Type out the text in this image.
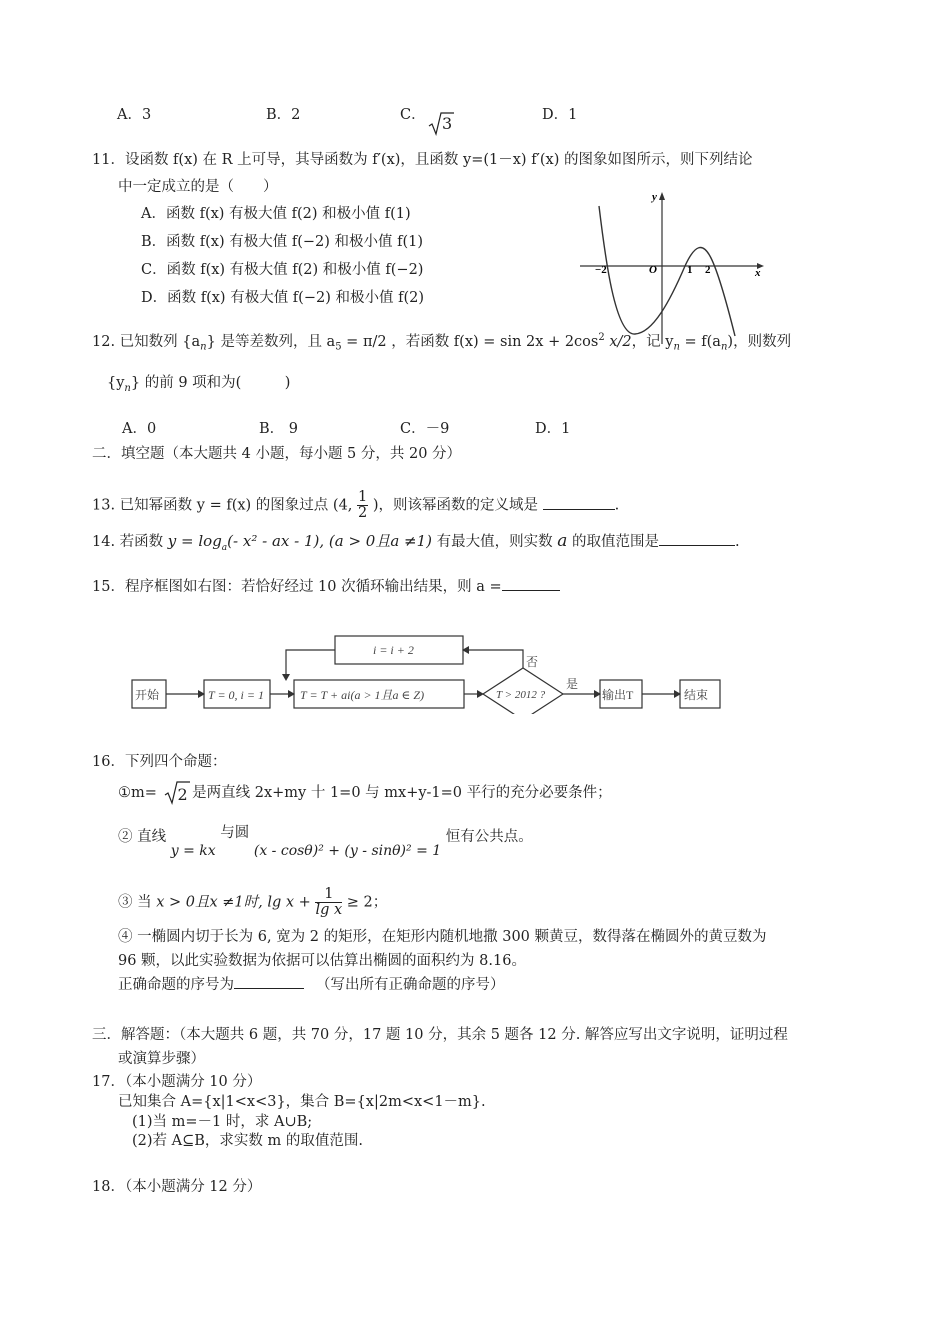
A．3	B．2	C．	3	D．1
11．设函数 f(x) 在 R 上可导，其导函数为 f′(x)，且函数 y=(1－x) f′(x) 的图象如图所示，则下列结论
中一定成立的是（　　）
A．函数 f(x) 有极大值 f(2) 和极小值 f(1)
B．函数 f(x) 有极大值 f(−2) 和极小值 f(1)
C．函数 f(x) 有极大值 f(2) 和极小值 f(−2)
D．函数 f(x) 有极大值 f(−2) 和极小值 f(2)
y
x
O
−2	1 2
12. 已知数列 $\{a_n\}$ 是等差数列，且 $a_5 = \pi/2$ ，若函数 $f(x) = \sin 2x + 2\cos^2$ x/2，记 $y_n = f(a_n)$，则数列
$\{y_n\}$ 的前 9 项和为(　　　)
A．0	B． 9	C．－9	D．1
二．填空题（本大题共 4 小题，每小题 5 分，共 20 分）
13. 已知幂函数 y = f(x) 的图象过点 (4, $\frac{1}{2}$ )，则该幂函数的定义域是	.
14. 若函数 $y = \log_a(-$ x² - ax - 1), (a > 0且a ≠1) 有最大值，则实数 a 的取值范围是	.
15．程序框图如右图：若恰好经过 10 次循环输出结果，则 a =
开始	T = 0, i = 1	T = T + ai(a > 1且a ∈ Z)	T > 2012 ?
是
否
i = i + 2
输出T	结束
16．下列四个命题：
①m= 2 是两直线 2x+my 十 1=0 与 mx+y-1=0 平行的充分必要条件；
② 直线 y = kx 与圆 (x - cosθ)² + (y - sinθ)² = 1 恒有公共点。
③ 当 x > 0且x ≠1时, $\lg x + \frac{1}{\text{lg x}} \ge 2$；
④ 一椭圆内切于长为 6, 宽为 2 的矩形，在矩形内随机地撒 300 颗黄豆，数得落在椭圆外的黄豆数为
96 颗，以此实验数据为依据可以估算出椭圆的面积约为 8.16。
正确命题的序号为	（写出所有正确命题的序号）
三．解答题：（本大题共 6 题，共 70 分，17 题 10 分，其余 5 题各 12 分. 解答应写出文字说明，证明过程
或演算步骤）
17．（本小题满分 10 分）
已知集合 A={x|1<x<3}，集合 B={x|2m<x<1－m}.
(1)当 m=－1 时，求 A∪B;
(2)若 A⊆B，求实数 m 的取值范围.
18．（本小题满分 12 分）
